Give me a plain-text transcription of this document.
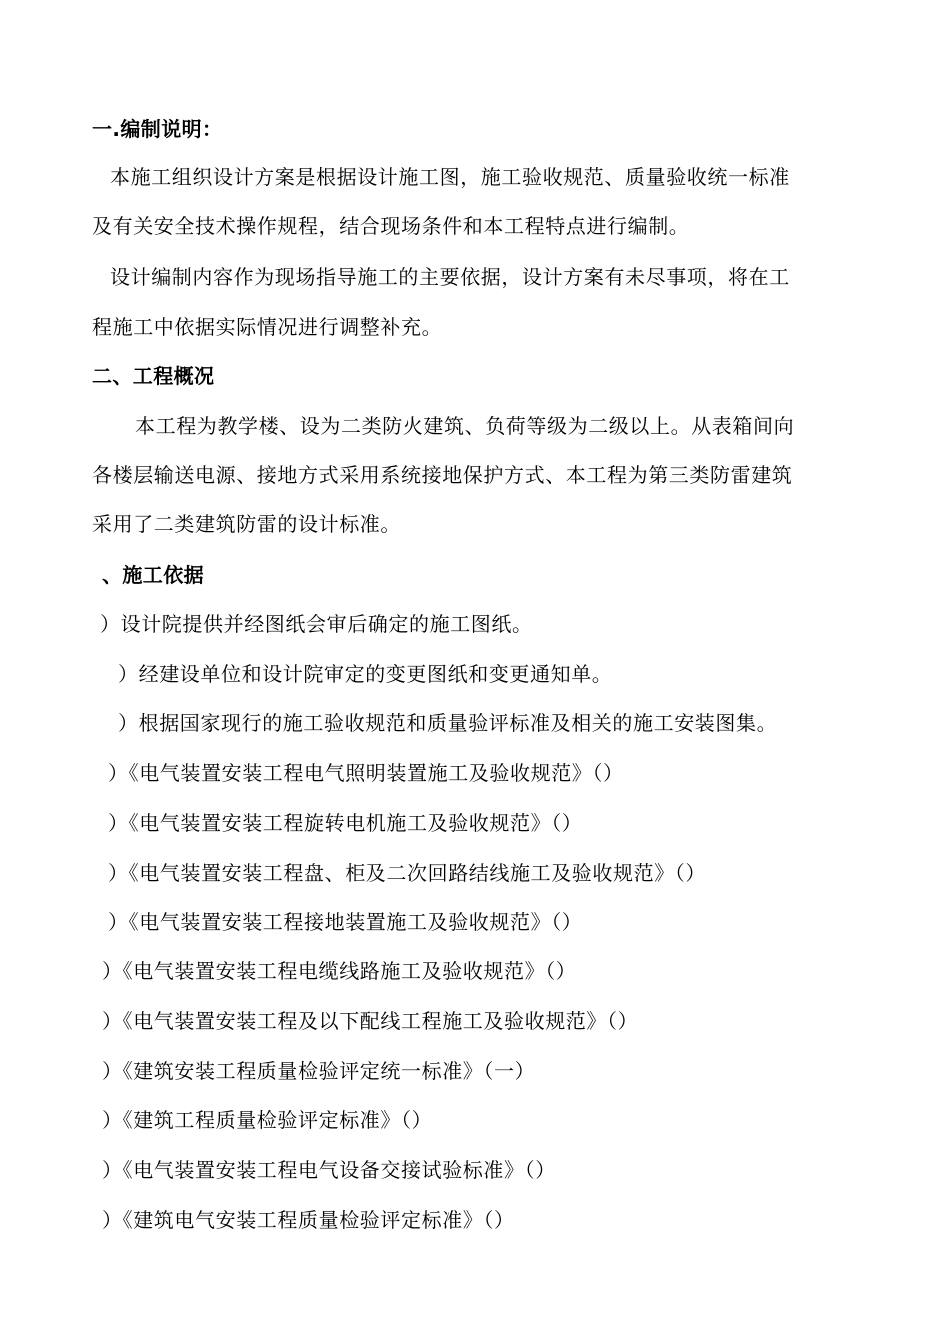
一.编制说明：
本施工组织设计方案是根据设计施工图，施工验收规范、质量验收统一标准
及有关安全技术操作规程，结合现场条件和本工程特点进行编制。
设计编制内容作为现场指导施工的主要依据，设计方案有未尽事项，将在工
程施工中依据实际情况进行调整补充。
二、工程概况
本工程为教学楼、设为二类防火建筑、负荷等级为二级以上。从表箱间向
各楼层输送电源、接地方式采用系统接地保护方式、本工程为第三类防雷建筑
采用了二类建筑防雷的设计标准。
、施工依据
）设计院提供并经图纸会审后确定的施工图纸。
）经建设单位和设计院审定的变更图纸和变更通知单。
）根据国家现行的施工验收规范和质量验评标准及相关的施工安装图集。
）《电气装置安装工程电气照明装置施工及验收规范》（）
）《电气装置安装工程旋转电机施工及验收规范》（）
）《电气装置安装工程盘、柜及二次回路结线施工及验收规范》（）
）《电气装置安装工程接地装置施工及验收规范》（）
）《电气装置安装工程电缆线路施工及验收规范》（）
）《电气装置安装工程及以下配线工程施工及验收规范》（）
）《建筑安装工程质量检验评定统一标准》（一）
）《建筑工程质量检验评定标准》（）
）《电气装置安装工程电气设备交接试验标准》（）
）《建筑电气安装工程质量检验评定标准》（）
